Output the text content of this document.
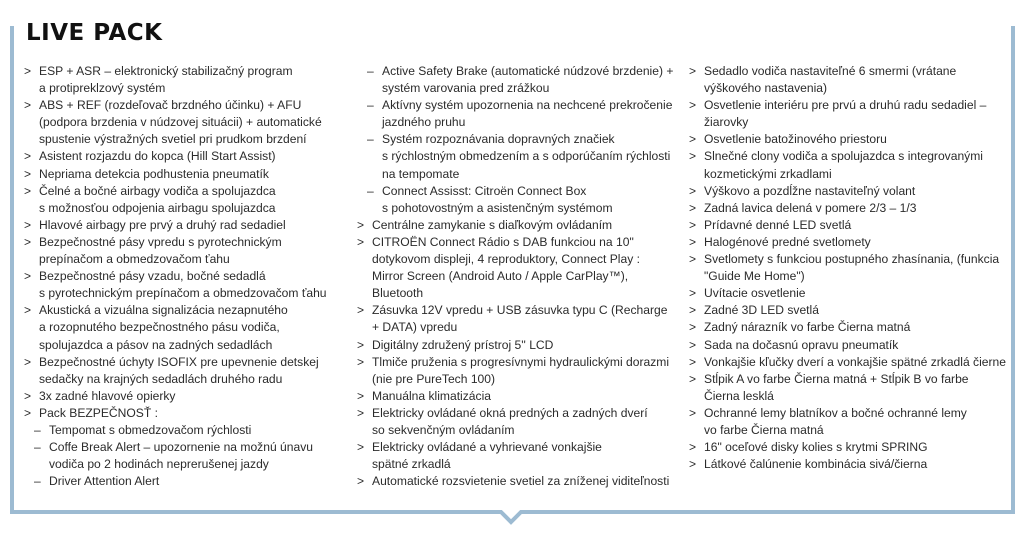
LIVE PACK
> ESP + ASR – elektronický stabilizačný program
a protipreklzový systém
> ABS + REF (rozdeľovač brzdného účinku) + AFU
(podpora brzdenia v núdzovej situácii) + automatické
spustenie výstražných svetiel pri prudkom brzdení
> Asistent rozjazdu do kopca (Hill Start Assist)
> Nepriama detekcia podhustenia pneumatík
> Čelné a bočné airbagy vodiča a spolujazdca
s možnosťou odpojenia airbagu spolujazdca
> Hlavové airbagy pre prvý a druhý rad sedadiel
> Bezpečnostné pásy vpredu s pyrotechnickým
prepínačom a obmedzovačom ťahu
> Bezpečnostné pásy vzadu, bočné sedadlá
s pyrotechnickým prepínačom a obmedzovačom ťahu
> Akustická a vizuálna signalizácia nezapnutého
a rozopnutého bezpečnostného pásu vodiča,
spolujazdca a pásov na zadných sedadlách
> Bezpečnostné úchyty ISOFIX pre upevnenie detskej
sedačky na krajných sedadlách druhého radu
> 3x zadné hlavové opierky
> Pack BEZPEČNOSŤ :
– Tempomat s obmedzovačom rýchlosti
– Coffe Break Alert – upozornenie na možnú únavu
vodiča po 2 hodinách neprerušenej jazdy
– Driver Attention Alert
– Active Safety Brake (automatické núdzové brzdenie) +
systém varovania pred zrážkou
– Aktívny systém upozornenia na nechcené prekročenie
jazdného pruhu
– Systém rozpoznávania dopravných značiek
s rýchlostným obmedzením a s odporúčaním rýchlosti
na tempomate
– Connect Assisst: Citroën Connect Box
s pohotovostným a asistenčným systémom
> Centrálne zamykanie s diaľkovým ovládaním
> CITROËN Connect Rádio s DAB funkciou na 10"
dotykovom displeji, 4 reproduktory, Connect Play :
Mirror Screen (Android Auto / Apple CarPlay™),
Bluetooth
> Zásuvka 12V vpredu + USB zásuvka typu C (Recharge
+ DATA) vpredu
> Digitálny združený prístroj 5'' LCD
> Tlmiče pruženia s progresívnymi hydraulickými dorazmi
(nie pre PureTech 100)
> Manuálna klimatizácia
> Elektricky ovládané okná predných a zadných dverí
so sekvenčným ovládaním
> Elektricky ovládané a vyhrievané vonkajšie
spätné zrkadlá
> Automatické rozsvietenie svetiel za zníženej viditeľnosti
> Sedadlo vodiča nastaviteľné 6 smermi (vrátane
výškového nastavenia)
> Osvetlenie interiéru pre prvú a druhú radu sedadiel –
žiarovky
> Osvetlenie batožinového priestoru
> Slnečné clony vodiča a spolujazdca s integrovanými
kozmetickými zrkadlami
> Výškovo a pozdĺžne nastaviteľný volant
> Zadná lavica delená v pomere 2/3 – 1/3
> Prídavné denné LED svetlá
> Halogénové predné svetlomety
> Svetlomety s funkciou postupného zhasínania, (funkcia
"Guide Me Home")
> Uvítacie osvetlenie
> Zadné 3D LED svetlá
> Zadný nárazník vo farbe Čierna matná
> Sada na dočasnú opravu pneumatík
> Vonkajšie kľučky dverí a vonkajšie spätné zrkadlá čierne
> Stĺpik A vo farbe Čierna matná + Stĺpik B vo farbe
Čierna lesklá
> Ochranné lemy blatníkov a bočné ochranné lemy
vo farbe Čierna matná
> 16" oceľové disky kolies s krytmi SPRING
> Látkové čalúnenie kombinácia sivá/čierna
